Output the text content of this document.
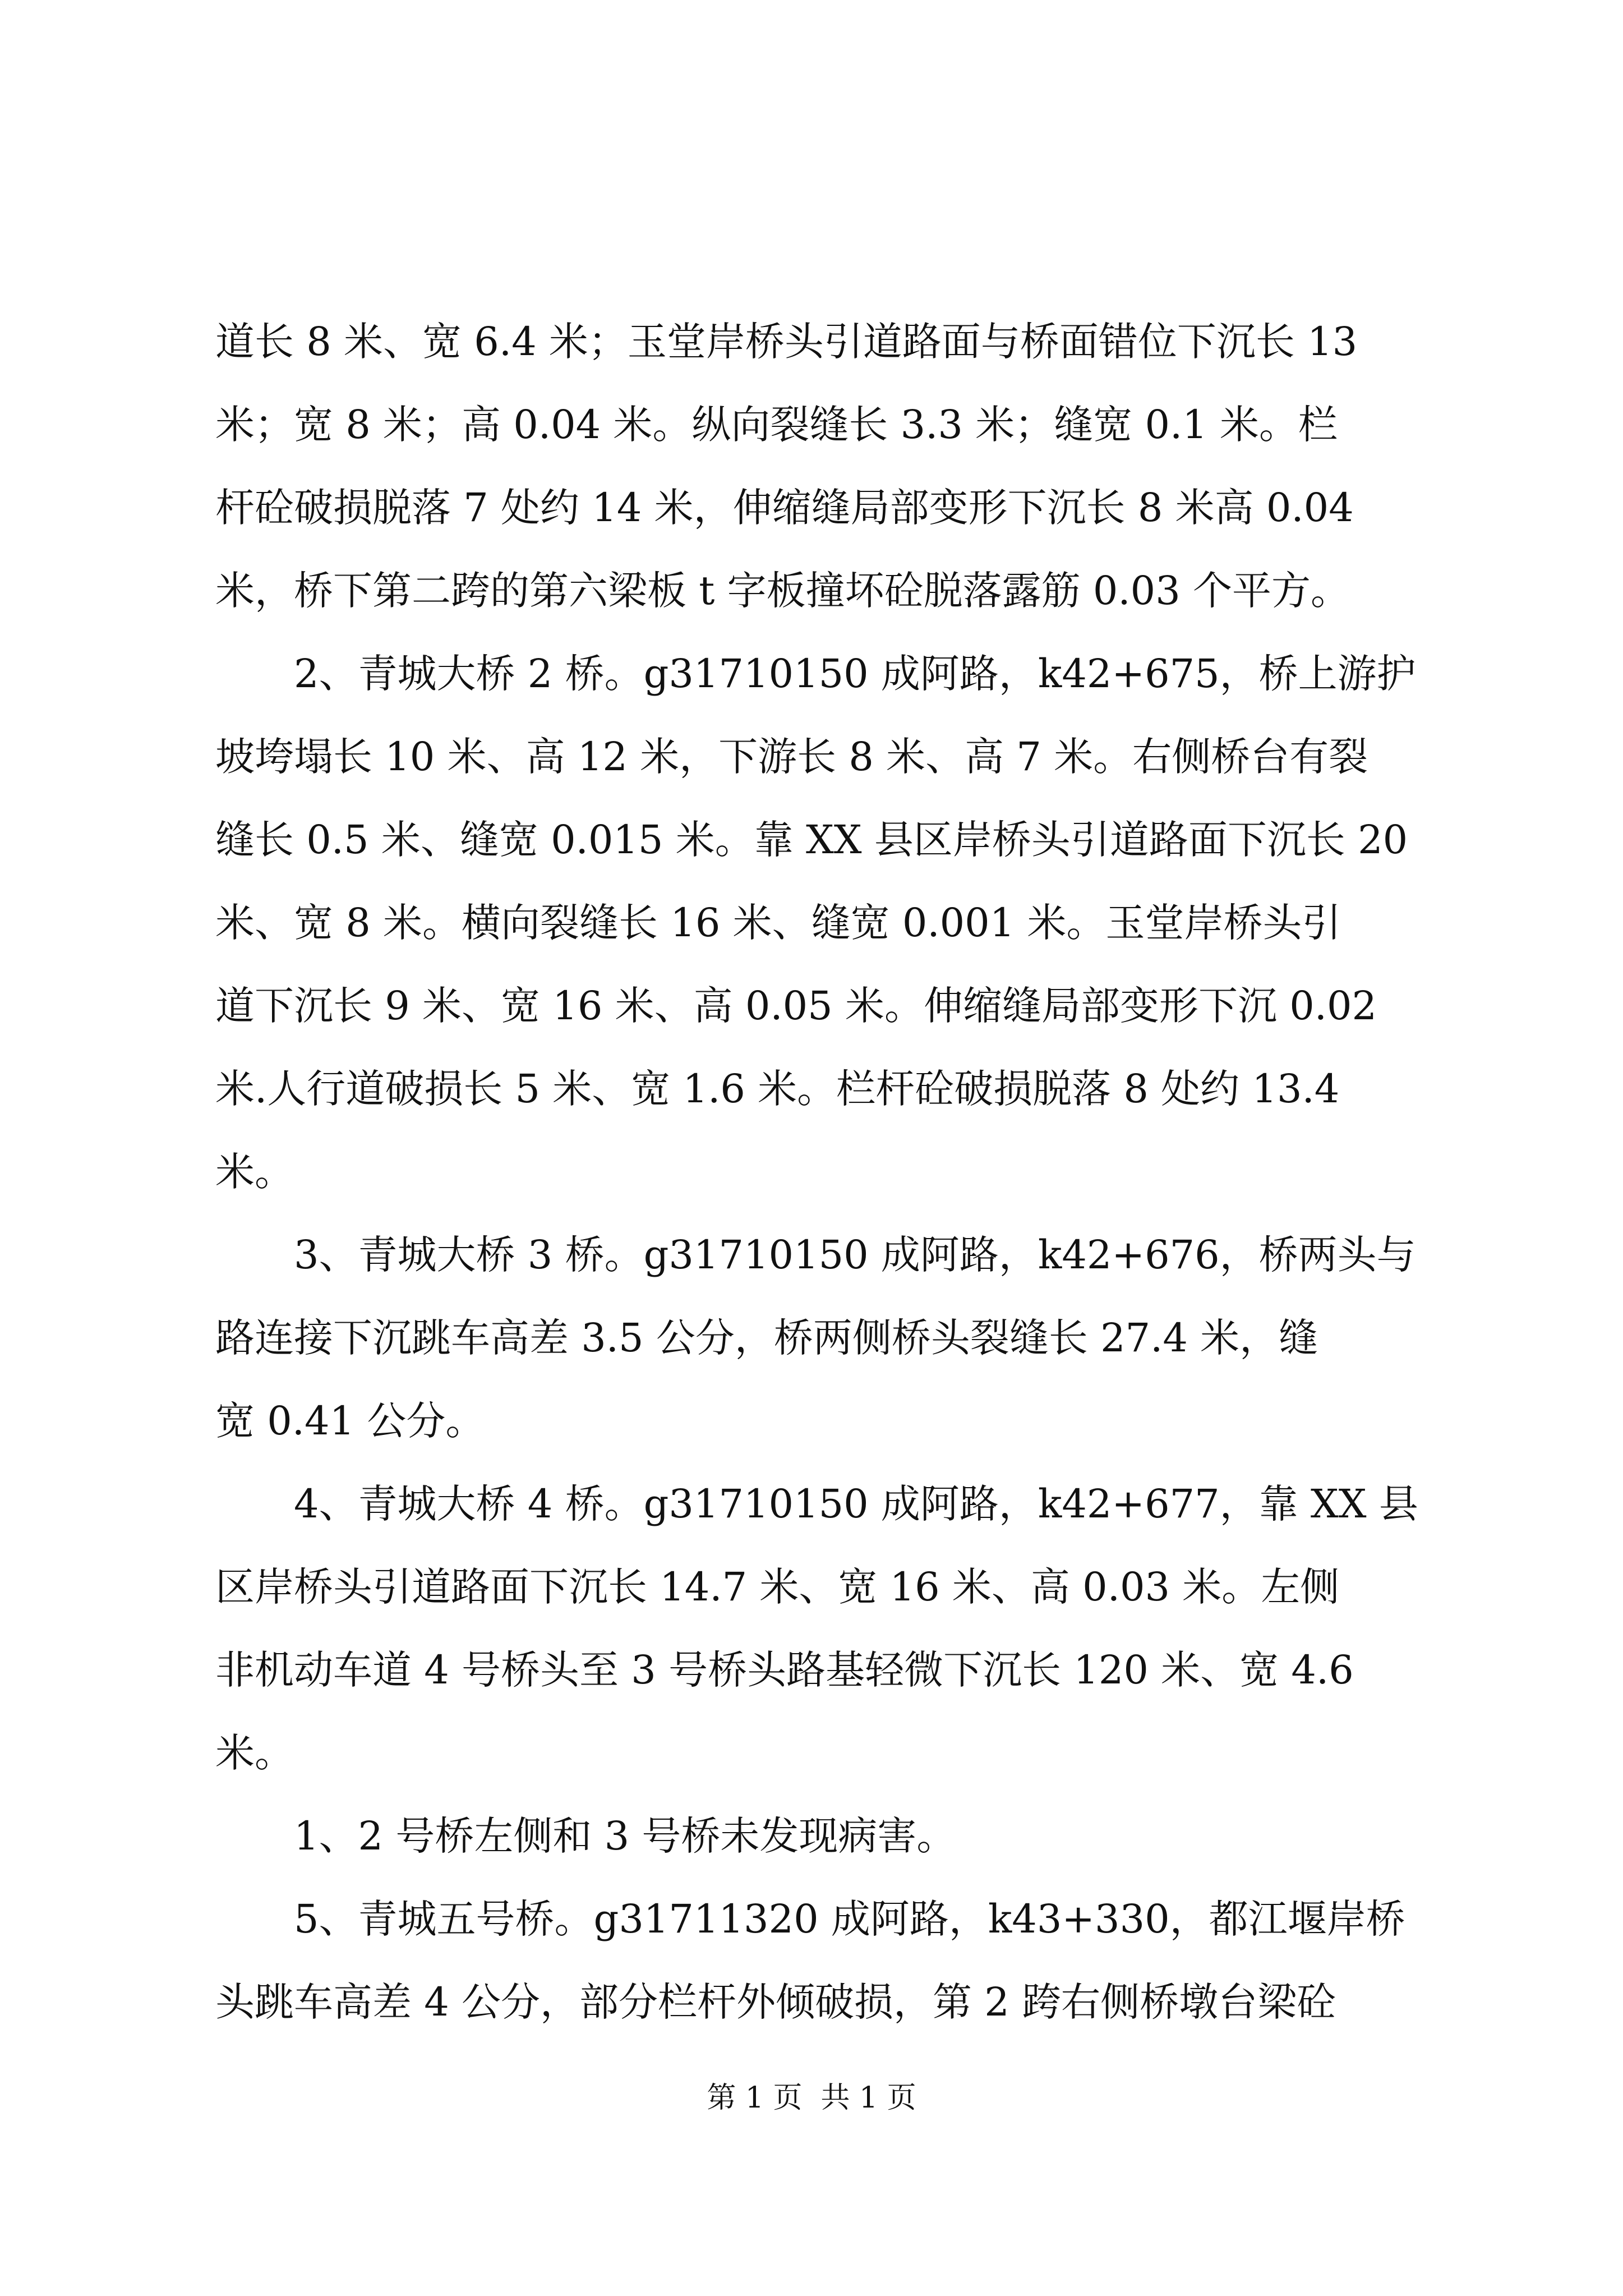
道长 8 米、宽 6.4 米；玉堂岸桥头引道路面与桥面错位下沉长 13
米；宽 8 米；高 0.04 米。纵向裂缝长 3.3 米；缝宽 0.1 米。栏
杆砼破损脱落 7 处约 14 米，伸缩缝局部变形下沉长 8 米高 0.04
米，桥下第二跨的第六梁板 t 字板撞坏砼脱落露筋 0.03 个平方。
　　2、青城大桥 2 桥。g31710150 成阿路，k42+675，桥上游护
坡垮塌长 10 米、高 12 米，下游长 8 米、高 7 米。右侧桥台有裂
缝长 0.5 米、缝宽 0.015 米。靠 XX 县区岸桥头引道路面下沉长 20
米、宽 8 米。横向裂缝长 16 米、缝宽 0.001 米。玉堂岸桥头引
道下沉长 9 米、宽 16 米、高 0.05 米。伸缩缝局部变形下沉 0.02
米.人行道破损长 5 米、宽 1.6 米。栏杆砼破损脱落 8 处约 13.4
米。
　　3、青城大桥 3 桥。g31710150 成阿路，k42+676，桥两头与
路连接下沉跳车高差 3.5 公分，桥两侧桥头裂缝长 27.4 米，缝
宽 0.41 公分。
　　4、青城大桥 4 桥。g31710150 成阿路，k42+677，靠 XX 县
区岸桥头引道路面下沉长 14.7 米、宽 16 米、高 0.03 米。左侧
非机动车道 4 号桥头至 3 号桥头路基轻微下沉长 120 米、宽 4.6
米。
　　1、2 号桥左侧和 3 号桥未发现病害。
　　5、青城五号桥。g31711320 成阿路，k43+330，都江堰岸桥
头跳车高差 4 公分，部分栏杆外倾破损，第 2 跨右侧桥墩台梁砼
第 1 页  共 1 页
